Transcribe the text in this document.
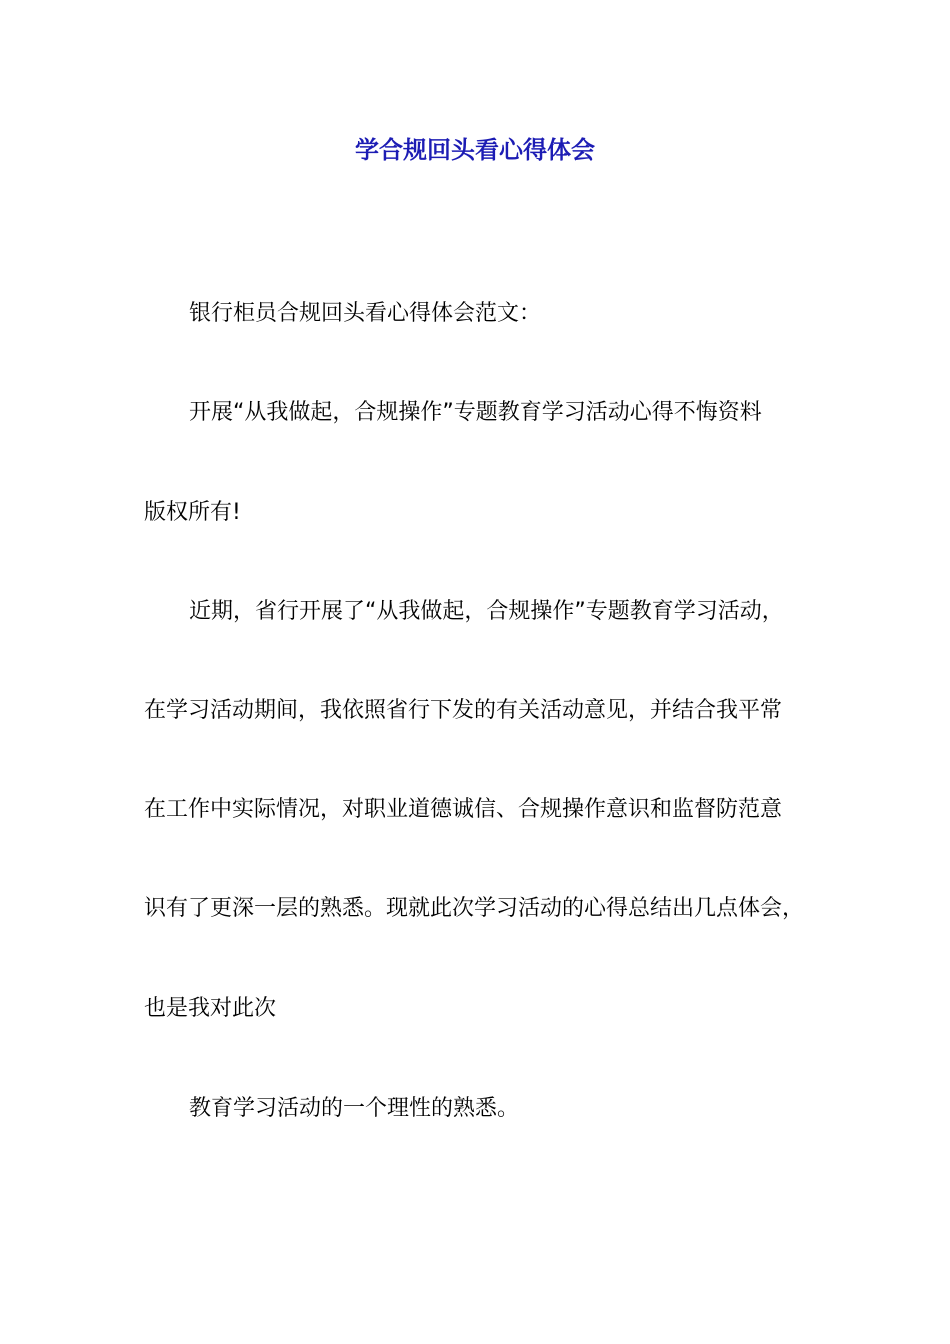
学合规回头看心得体会

银行柜员合规回头看心得体会范文：

开展“从我做起，合规操作”专题教育学习活动心得不悔资料

版权所有!

近期，省行开展了“从我做起，合规操作”专题教育学习活动，

在学习活动期间，我依照省行下发的有关活动意见，并结合我平常

在工作中实际情况，对职业道德诚信、合规操作意识和监督防范意

识有了更深一层的熟悉。现就此次学习活动的心得总结出几点体会，

也是我对此次

教育学习活动的一个理性的熟悉。
